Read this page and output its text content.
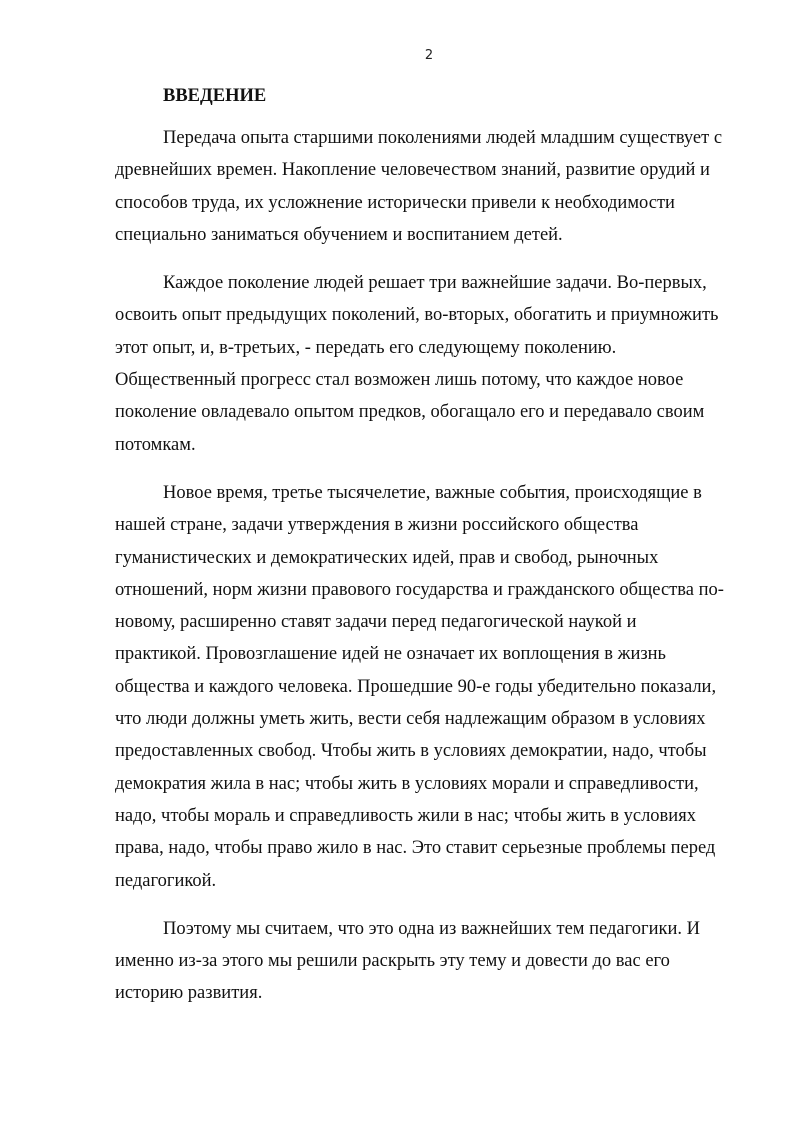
2
ВВЕДЕНИЕ

Передача опыта старшими поколениями людей младшим существует с
древнейших времен. Накопление человечеством знаний, развитие орудий и
способов труда, их усложнение исторически привели к необходимости
специально заниматься обучением и воспитанием детей.

Каждое поколение людей решает три важнейшие задачи. Во-первых,
освоить опыт предыдущих поколений, во-вторых, обогатить и приумножить
этот опыт, и, в-третьих, - передать его следующему поколению.
Общественный прогресс стал возможен лишь потому, что каждое новое
поколение овладевало опытом предков, обогащало его и передавало своим
потомкам.

Новое время, третье тысячелетие, важные события, происходящие в
нашей стране, задачи утверждения в жизни российского общества
гуманистических и демократических идей, прав и свобод, рыночных
отношений, норм жизни правового государства и гражданского общества по-
новому, расширенно ставят задачи перед педагогической наукой и
практикой. Провозглашение идей не означает их воплощения в жизнь
общества и каждого человека. Прошедшие 90-е годы убедительно показали,
что люди должны уметь жить, вести себя надлежащим образом в условиях
предоставленных свобод. Чтобы жить в условиях демократии, надо, чтобы
демократия жила в нас; чтобы жить в условиях морали и справедливости,
надо, чтобы мораль и справедливость жили в нас; чтобы жить в условиях
права, надо, чтобы право жило в нас. Это ставит серьезные проблемы перед
педагогикой.

Поэтому мы считаем, что это одна из важнейших тем педагогики. И
именно из-за этого мы решили раскрыть эту тему и довести до вас его
историю развития.
